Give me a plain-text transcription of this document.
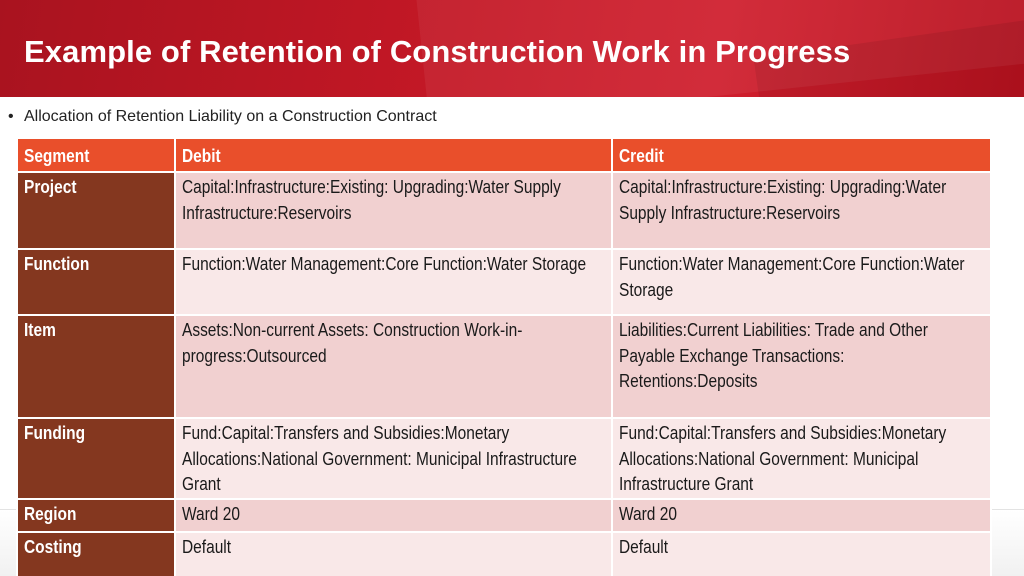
Example of Retention of Construction Work in Progress
• Allocation of Retention Liability on a Construction Contract
Segment	Debit	Credit
Project	Capital:Infrastructure:Existing: Upgrading:Water Supply Infrastructure:Reservoirs	Capital:Infrastructure:Existing: Upgrading:Water Supply Infrastructure:Reservoirs
Function	Function:Water Management:Core Function:Water Storage	Function:Water Management:Core Function:Water Storage
Item	Assets:Non-current Assets: Construction Work-in-progress:Outsourced	Liabilities:Current Liabilities: Trade and Other Payable Exchange Transactions: Retentions:Deposits
Funding	Fund:Capital:Transfers and Subsidies:Monetary Allocations:National Government: Municipal Infrastructure Grant	Fund:Capital:Transfers and Subsidies:Monetary Allocations:National Government: Municipal Infrastructure Grant
Region	Ward 20	Ward 20
Costing	Default	Default
